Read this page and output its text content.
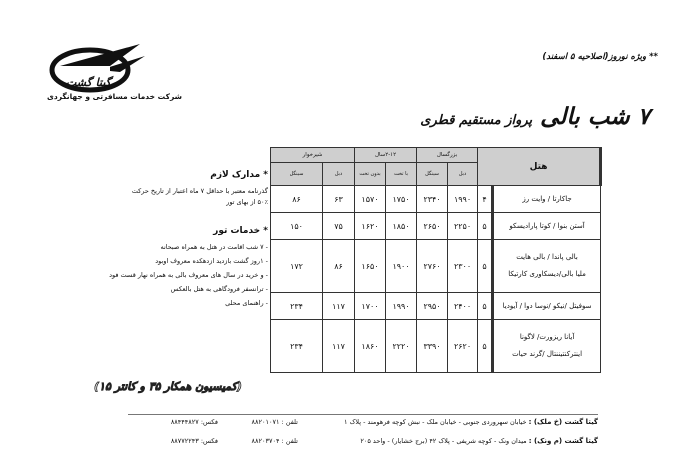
گیتا گشت
شرکت خدمات مسافرتی و جهانگردی
** ویژه نوروز(اصلاحیه ۵ اسفند)
۷ شب بالی پرواز مستقیم قطری
* مدارک لازم
گذرنامه معتبر با حداقل ۷ ماه اعتبار از تاریخ حرکت
۵۰٪ از بهای تور
* خدمات تور
- ۷ شب اقامت در هتل به همراه صبحانه
- ۱روز گشت بازدید ازدهکده معروف اوبود
- و خرید در سال های معروف بالی به همراه نهار قست فود
- ترانسفر فرودگاهی به هتل بالعکس
- راهنمای محلی
(کمیسیون همکار ۳۵ و کانتر ۱۵)
هتل		بزرگسال		۲-۱۲سال		شیرخوار	
		دبل	سینگل	با تخت	بدون تخت	دبل	سینگل

جاکارتا / وایت رز	۴	۱۹۹۰	۲۳۴۰	۱۷۵۰	۱۵۷۰	۶۳	۸۶

آستن بنوا / کوتا پارادیسکو	۵	۲۲۵۰	۲۶۵۰	۱۸۵۰	۱۶۲۰	۷۵	۱۵۰

بالی پاندا / بالی هایت
ملیا بالی/دیسکاوری کارتیکا	۵	۲۳۰۰	۲۷۶۰	۱۹۰۰	۱۶۵۰	۸۶	۱۷۲

سوفیتل /نیکو /نوسا دوا / آیودیا	۵	۲۴۰۰	۲۹۵۰	۱۹۹۰	۱۷۰۰	۱۱۷	۲۳۴

آیانا ریزورت/ لاگونا
اینترکنتیننتال /گرند حیات	۵	۲۶۲۰	۳۳۹۰	۲۲۲۰	۱۸۶۰	۱۱۷	۲۳۴
گیتا گشت (خ ملک) : خیابان سهروردی جنوبی - خیابان ملک - نبش کوچه فرهومند - پلاک ۱
تلفن : ۸۸۲۰۱۰۷۱
فکس: ۸۸۴۴۴۸۲۷
گیتا گشت (م ونک) : میدان ونک - کوچه شریفی - پلاک ۴۲ (برج خشایار) - واحد ۲۰۵
تلفن : ۸۸۲۰۳۷۰۴
فکس: ۸۸۷۷۲۲۴۳
